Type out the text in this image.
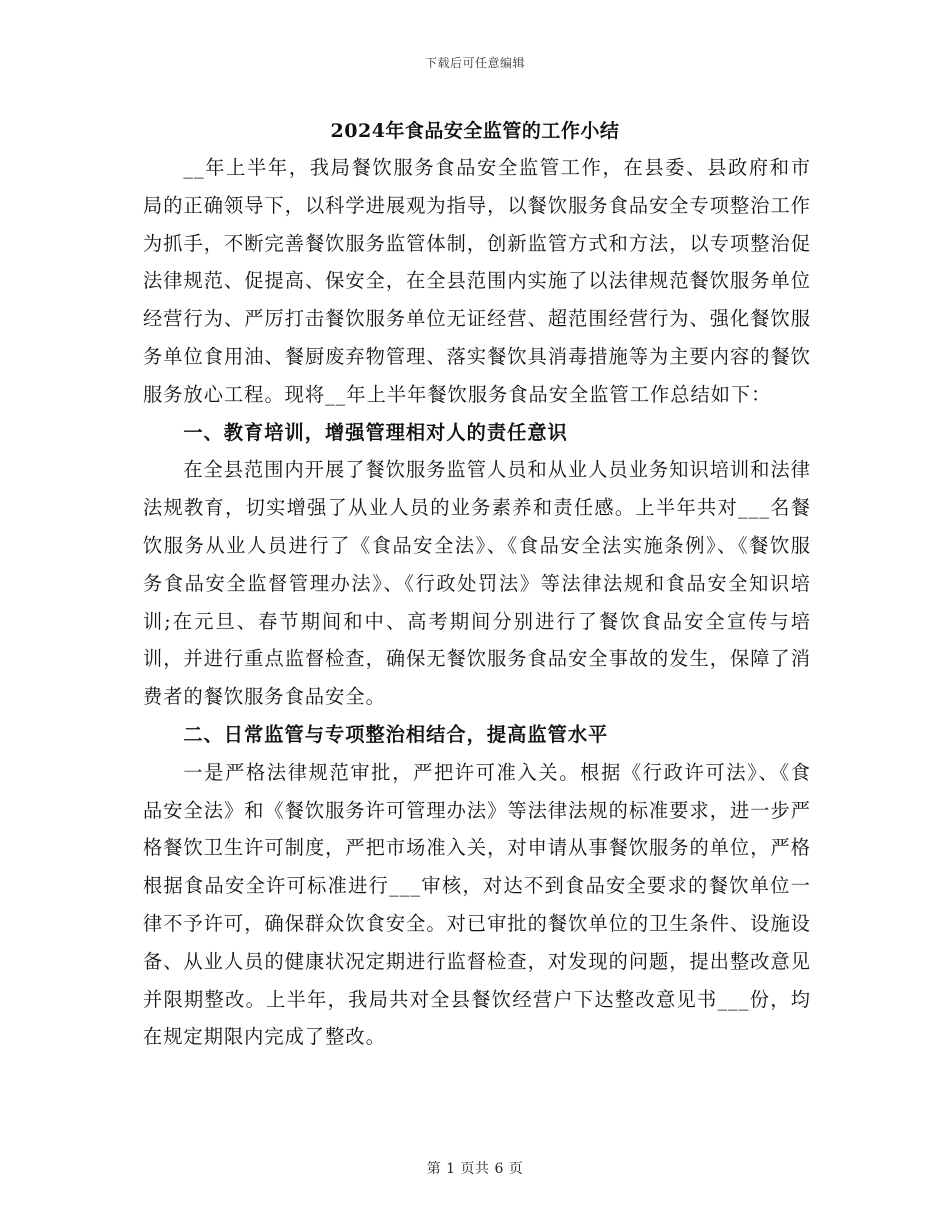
下载后可任意编辑
2024年食品安全监管的工作小结

__年上半年，我局餐饮服务食品安全监管工作，在县委、县政府和市局的正确领导下，以科学进展观为指导，以餐饮服务食品安全专项整治工作为抓手，不断完善餐饮服务监管体制，创新监管方式和方法，以专项整治促法律规范、促提高、保安全，在全县范围内实施了以法律规范餐饮服务单位经营行为、严厉打击餐饮服务单位无证经营、超范围经营行为、强化餐饮服务单位食用油、餐厨废弃物管理、落实餐饮具消毒措施等为主要内容的餐饮服务放心工程。现将__年上半年餐饮服务食品安全监管工作总结如下：

一、教育培训，增强管理相对人的责任意识

在全县范围内开展了餐饮服务监管人员和从业人员业务知识培训和法律法规教育，切实增强了从业人员的业务素养和责任感。上半年共对___名餐饮服务从业人员进行了《食品安全法》、《食品安全法实施条例》、《餐饮服务食品安全监督管理办法》、《行政处罚法》等法律法规和食品安全知识培训;在元旦、春节期间和中、高考期间分别进行了餐饮食品安全宣传与培训，并进行重点监督检查，确保无餐饮服务食品安全事故的发生，保障了消费者的餐饮服务食品安全。

二、日常监管与专项整治相结合，提高监管水平

一是严格法律规范审批，严把许可准入关。根据《行政许可法》、《食品安全法》和《餐饮服务许可管理办法》等法律法规的标准要求，进一步严格餐饮卫生许可制度，严把市场准入关，对申请从事餐饮服务的单位，严格根据食品安全许可标准进行___审核，对达不到食品安全要求的餐饮单位一律不予许可，确保群众饮食安全。对已审批的餐饮单位的卫生条件、设施设备、从业人员的健康状况定期进行监督检查，对发现的问题，提出整改意见并限期整改。上半年，我局共对全县餐饮经营户下达整改意见书___份，均在规定期限内完成了整改。

第 1 页共 6 页
